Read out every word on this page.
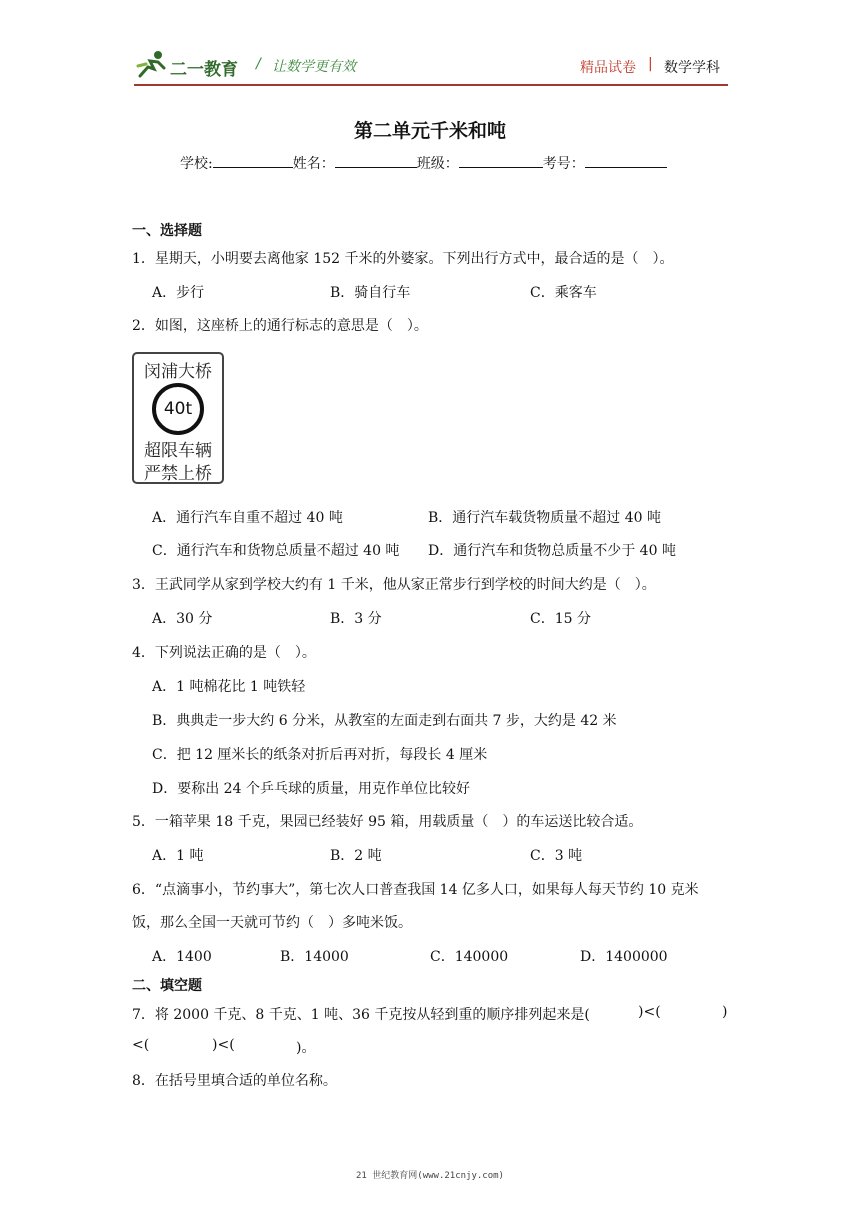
二一教育 / 让数学更有效	精品试卷 | 数学学科
第二单元千米和吨
学校:	姓名：	班级：	考号：
一、选择题
1．星期天，小明要去离他家 152 千米的外婆家。下列出行方式中，最合适的是（　）。
A．步行	B．骑自行车	C．乘客车
2．如图，这座桥上的通行标志的意思是（　）。
闵浦大桥
40t
超限车辆
严禁上桥
A．通行汽车自重不超过 40 吨	B．通行汽车载货物质量不超过 40 吨
C．通行汽车和货物总质量不超过 40 吨 D．通行汽车和货物总质量不少于 40 吨
3．王武同学从家到学校大约有 1 千米，他从家正常步行到学校的时间大约是（　）。
A．30 分	B．3 分	C．15 分
4．下列说法正确的是（　）。
A．1 吨棉花比 1 吨铁轻
B．典典走一步大约 6 分米，从教室的左面走到右面共 7 步，大约是 42 米
C．把 12 厘米长的纸条对折后再对折，每段长 4 厘米
D．要称出 24 个乒乓球的质量，用克作单位比较好
5．一箱苹果 18 千克，果园已经装好 95 箱，用载质量（　）的车运送比较合适。
A．1 吨	B．2 吨	C．3 吨
6．“点滴事小，节约事大”，第七次人口普查我国 14 亿多人口，如果每人每天节约 10 克米
饭，那么全国一天就可节约（　）多吨米饭。
A．1400	B．14000	C．140000	D．1400000
二、填空题
7．将 2000 千克、8 千克、1 吨、36 千克按从轻到重的顺序排列起来是(	)<(	)
<(	)<(	)。
8．在括号里填合适的单位名称。
21 世纪教育网(www.21cnjy.com)
